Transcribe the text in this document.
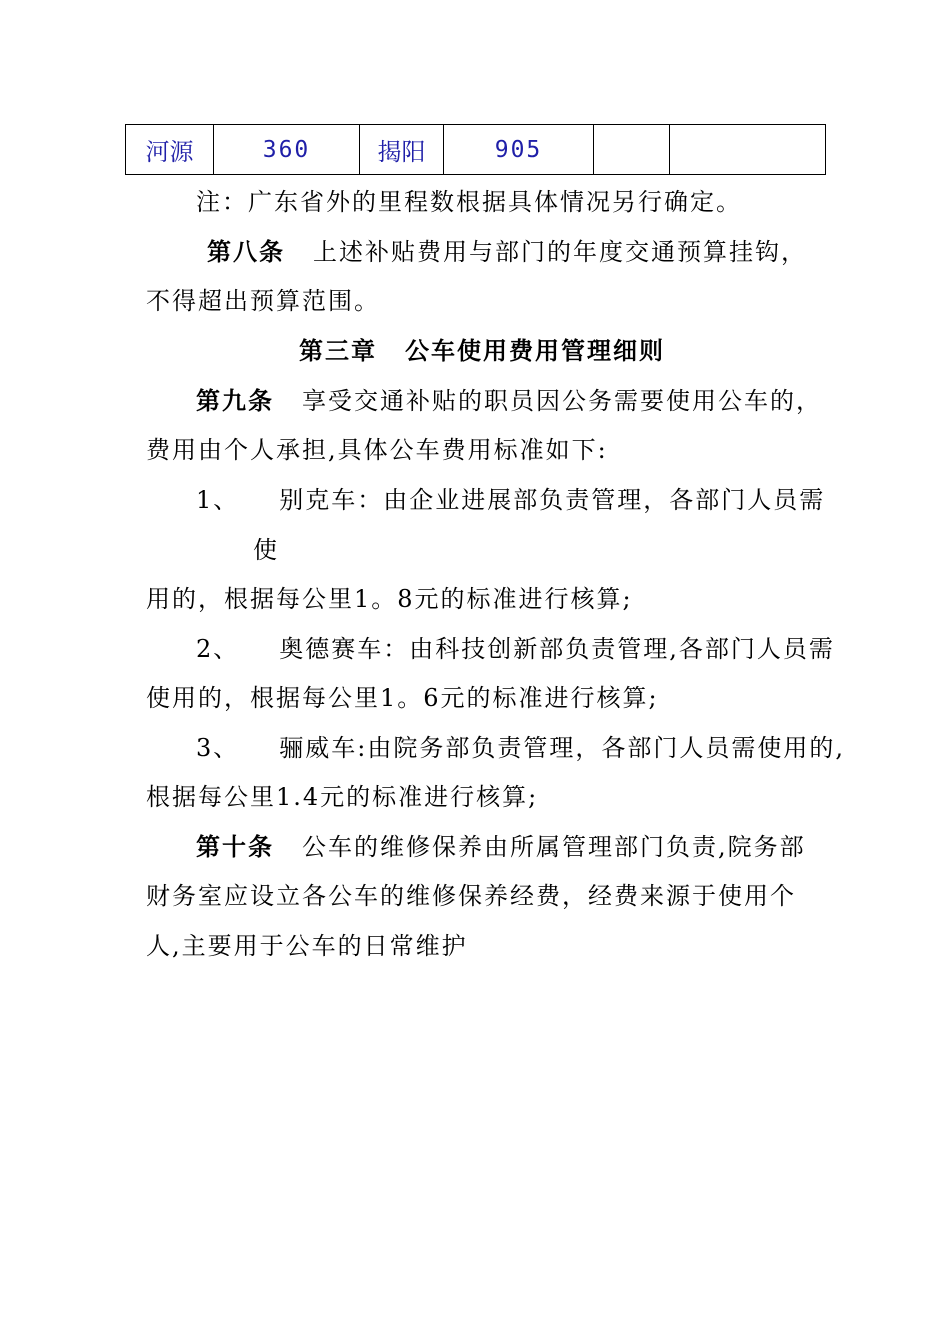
河源	360	揭阳	905		
注：广东省外的里程数根据具体情况另行确定。
第八条 上述补贴费用与部门的年度交通预算挂钩，
不得超出预算范围。
第三章 公车使用费用管理细则
第九条 享受交通补贴的职员因公务需要使用公车的，
费用由个人承担,具体公车费用标准如下:
1、 别克车：由企业进展部负责管理，各部门人员需
使
用的，根据每公里1。8元的标准进行核算;
2、 奥德赛车：由科技创新部负责管理,各部门人员需
使用的，根据每公里1。6元的标准进行核算;
3、 骊威车:由院务部负责管理，各部门人员需使用的,
根据每公里1.4元的标准进行核算;
第十条 公车的维修保养由所属管理部门负责,院务部
财务室应设立各公车的维修保养经费，经费来源于使用个
人,主要用于公车的日常维护
